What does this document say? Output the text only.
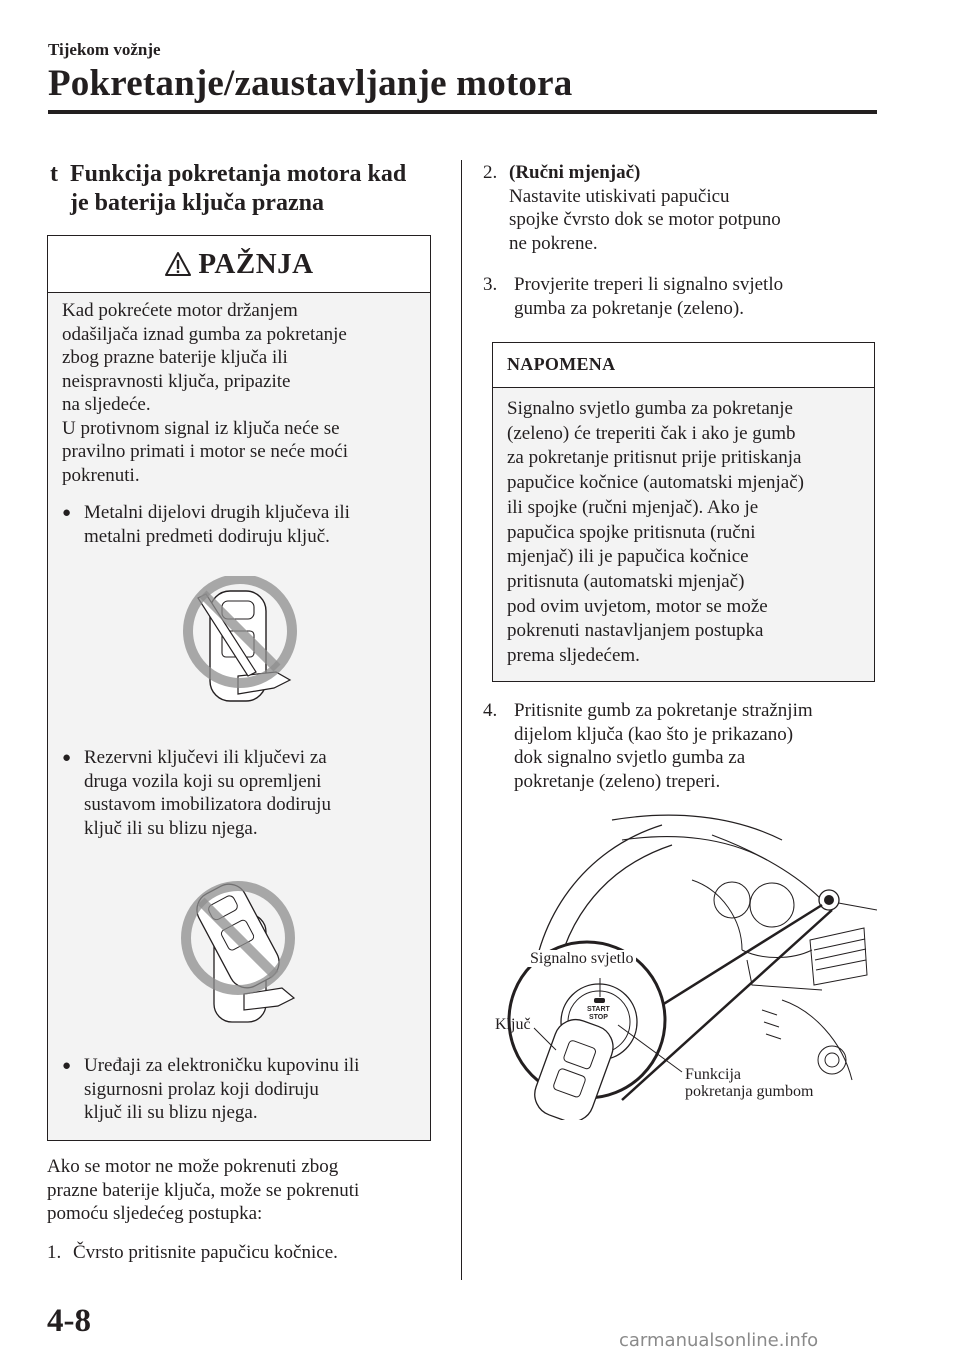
Tijekom vožnje
Pokretanje/zaustavljanje motora
t Funkcija pokretanja motora kad
je baterija ključa prazna
PAŽNJA
Kad pokrećete motor držanjem
odašiljača iznad gumba za pokretanje
zbog prazne baterije ključa ili
neispravnosti ključa, pripazite
na sljedeće.
U protivnom signal iz ključa neće se
pravilno primati i motor se neće moći
pokrenuti.
● Metalni dijelovi drugih ključeva ili
metalni predmeti dodiruju ključ.
● Rezervni ključevi ili ključevi za
druga vozila koji su opremljeni
sustavom imobilizatora dodiruju
ključ ili su blizu njega.
● Uređaji za elektroničku kupovinu ili
sigurnosni prolaz koji dodiruju
ključ ili su blizu njega.
Ako se motor ne može pokrenuti zbog
prazne baterije ključa, može se pokrenuti
pomoću sljedećeg postupka:
1. Čvrsto pritisnite papučicu kočnice.
2. (Ručni mjenjač)
Nastavite utiskivati papučicu
spojke čvrsto dok se motor potpuno
ne pokrene.
3. Provjerite treperi li signalno svjetlo
gumba za pokretanje (zeleno).
NAPOMENA
Signalno svjetlo gumba za pokretanje
(zeleno) će treperiti čak i ako je gumb
za pokretanje pritisnut prije pritiskanja
papučice kočnice (automatski mjenjač)
ili spojke (ručni mjenjač). Ako je
papučica spojke pritisnuta (ručni
mjenjač) ili je papučica kočnice
pritisnuta (automatski mjenjač)
pod ovim uvjetom, motor se može
pokrenuti nastavljanjem postupka
prema sljedećem.
4. Pritisnite gumb za pokretanje stražnjim
dijelom ključa (kao što je prikazano)
dok signalno svjetlo gumba za
pokretanje (zeleno) treperi.
Signalno svjetlo
Ključ
Funkcija
pokretanja gumbom
START
STOP
4-8
carmanualsonline.info
